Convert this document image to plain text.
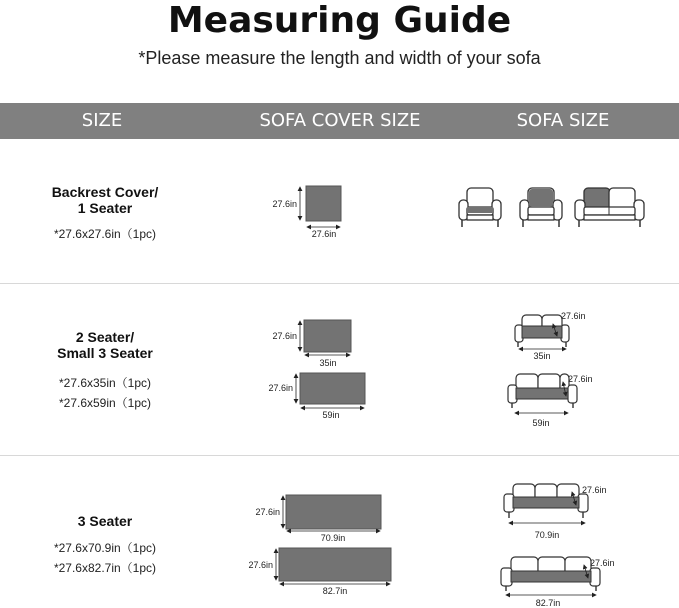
Measuring Guide
*Please measure the length and width of your sofa
SIZE	SOFA COVER SIZE	SOFA SIZE
Backrest Cover/
1 Seater
*27.6x27.6in（1pc)
2 Seater/
Small 3 Seater
*27.6x35in（1pc)
*27.6x59in（1pc)
3 Seater
*27.6x70.9in（1pc)
*27.6x82.7in（1pc)
27.6in
27.6in
27.6in
35in
27.6in
59in
27.6in
35in
27.6in
59in
27.6in
70.9in
27.6in
82.7in
27.6in
70.9in
27.6in
82.7in
